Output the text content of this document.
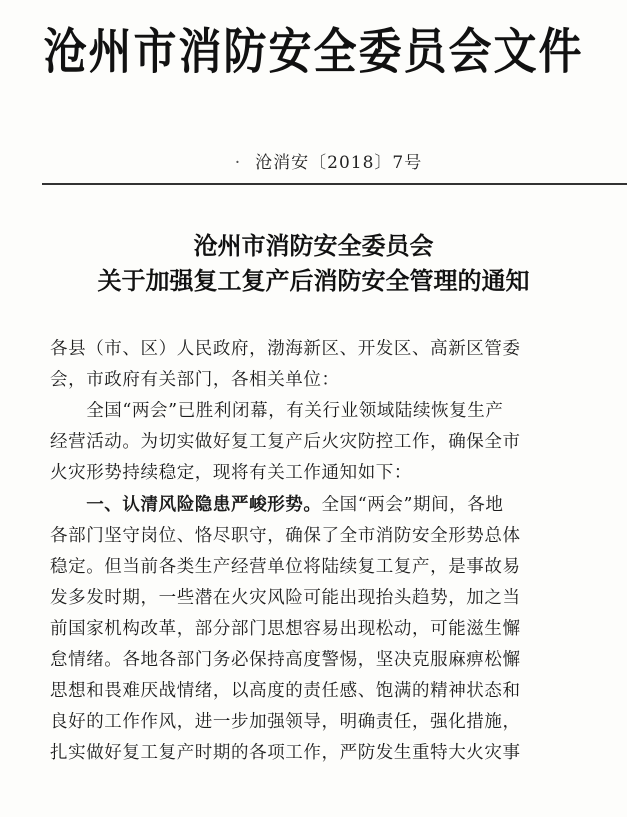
沧州市消防安全委员会文件
· 沧消安〔2018〕7号
沧州市消防安全委员会
关于加强复工复产后消防安全管理的通知
各县（市、区）人民政府，渤海新区、开发区、高新区管委
会，市政府有关部门，各相关单位：
　　全国“两会”已胜利闭幕，有关行业领域陆续恢复生产
经营活动。为切实做好复工复产后火灾防控工作，确保全市
火灾形势持续稳定，现将有关工作通知如下：
　　一、认清风险隐患严峻形势。全国“两会”期间，各地
各部门坚守岗位、恪尽职守，确保了全市消防安全形势总体
稳定。但当前各类生产经营单位将陆续复工复产，是事故易
发多发时期，一些潜在火灾风险可能出现抬头趋势，加之当
前国家机构改革，部分部门思想容易出现松动，可能滋生懈
怠情绪。各地各部门务必保持高度警惕，坚决克服麻痹松懈
思想和畏难厌战情绪，以高度的责任感、饱满的精神状态和
良好的工作作风，进一步加强领导，明确责任，强化措施，
扎实做好复工复产时期的各项工作，严防发生重特大火灾事
